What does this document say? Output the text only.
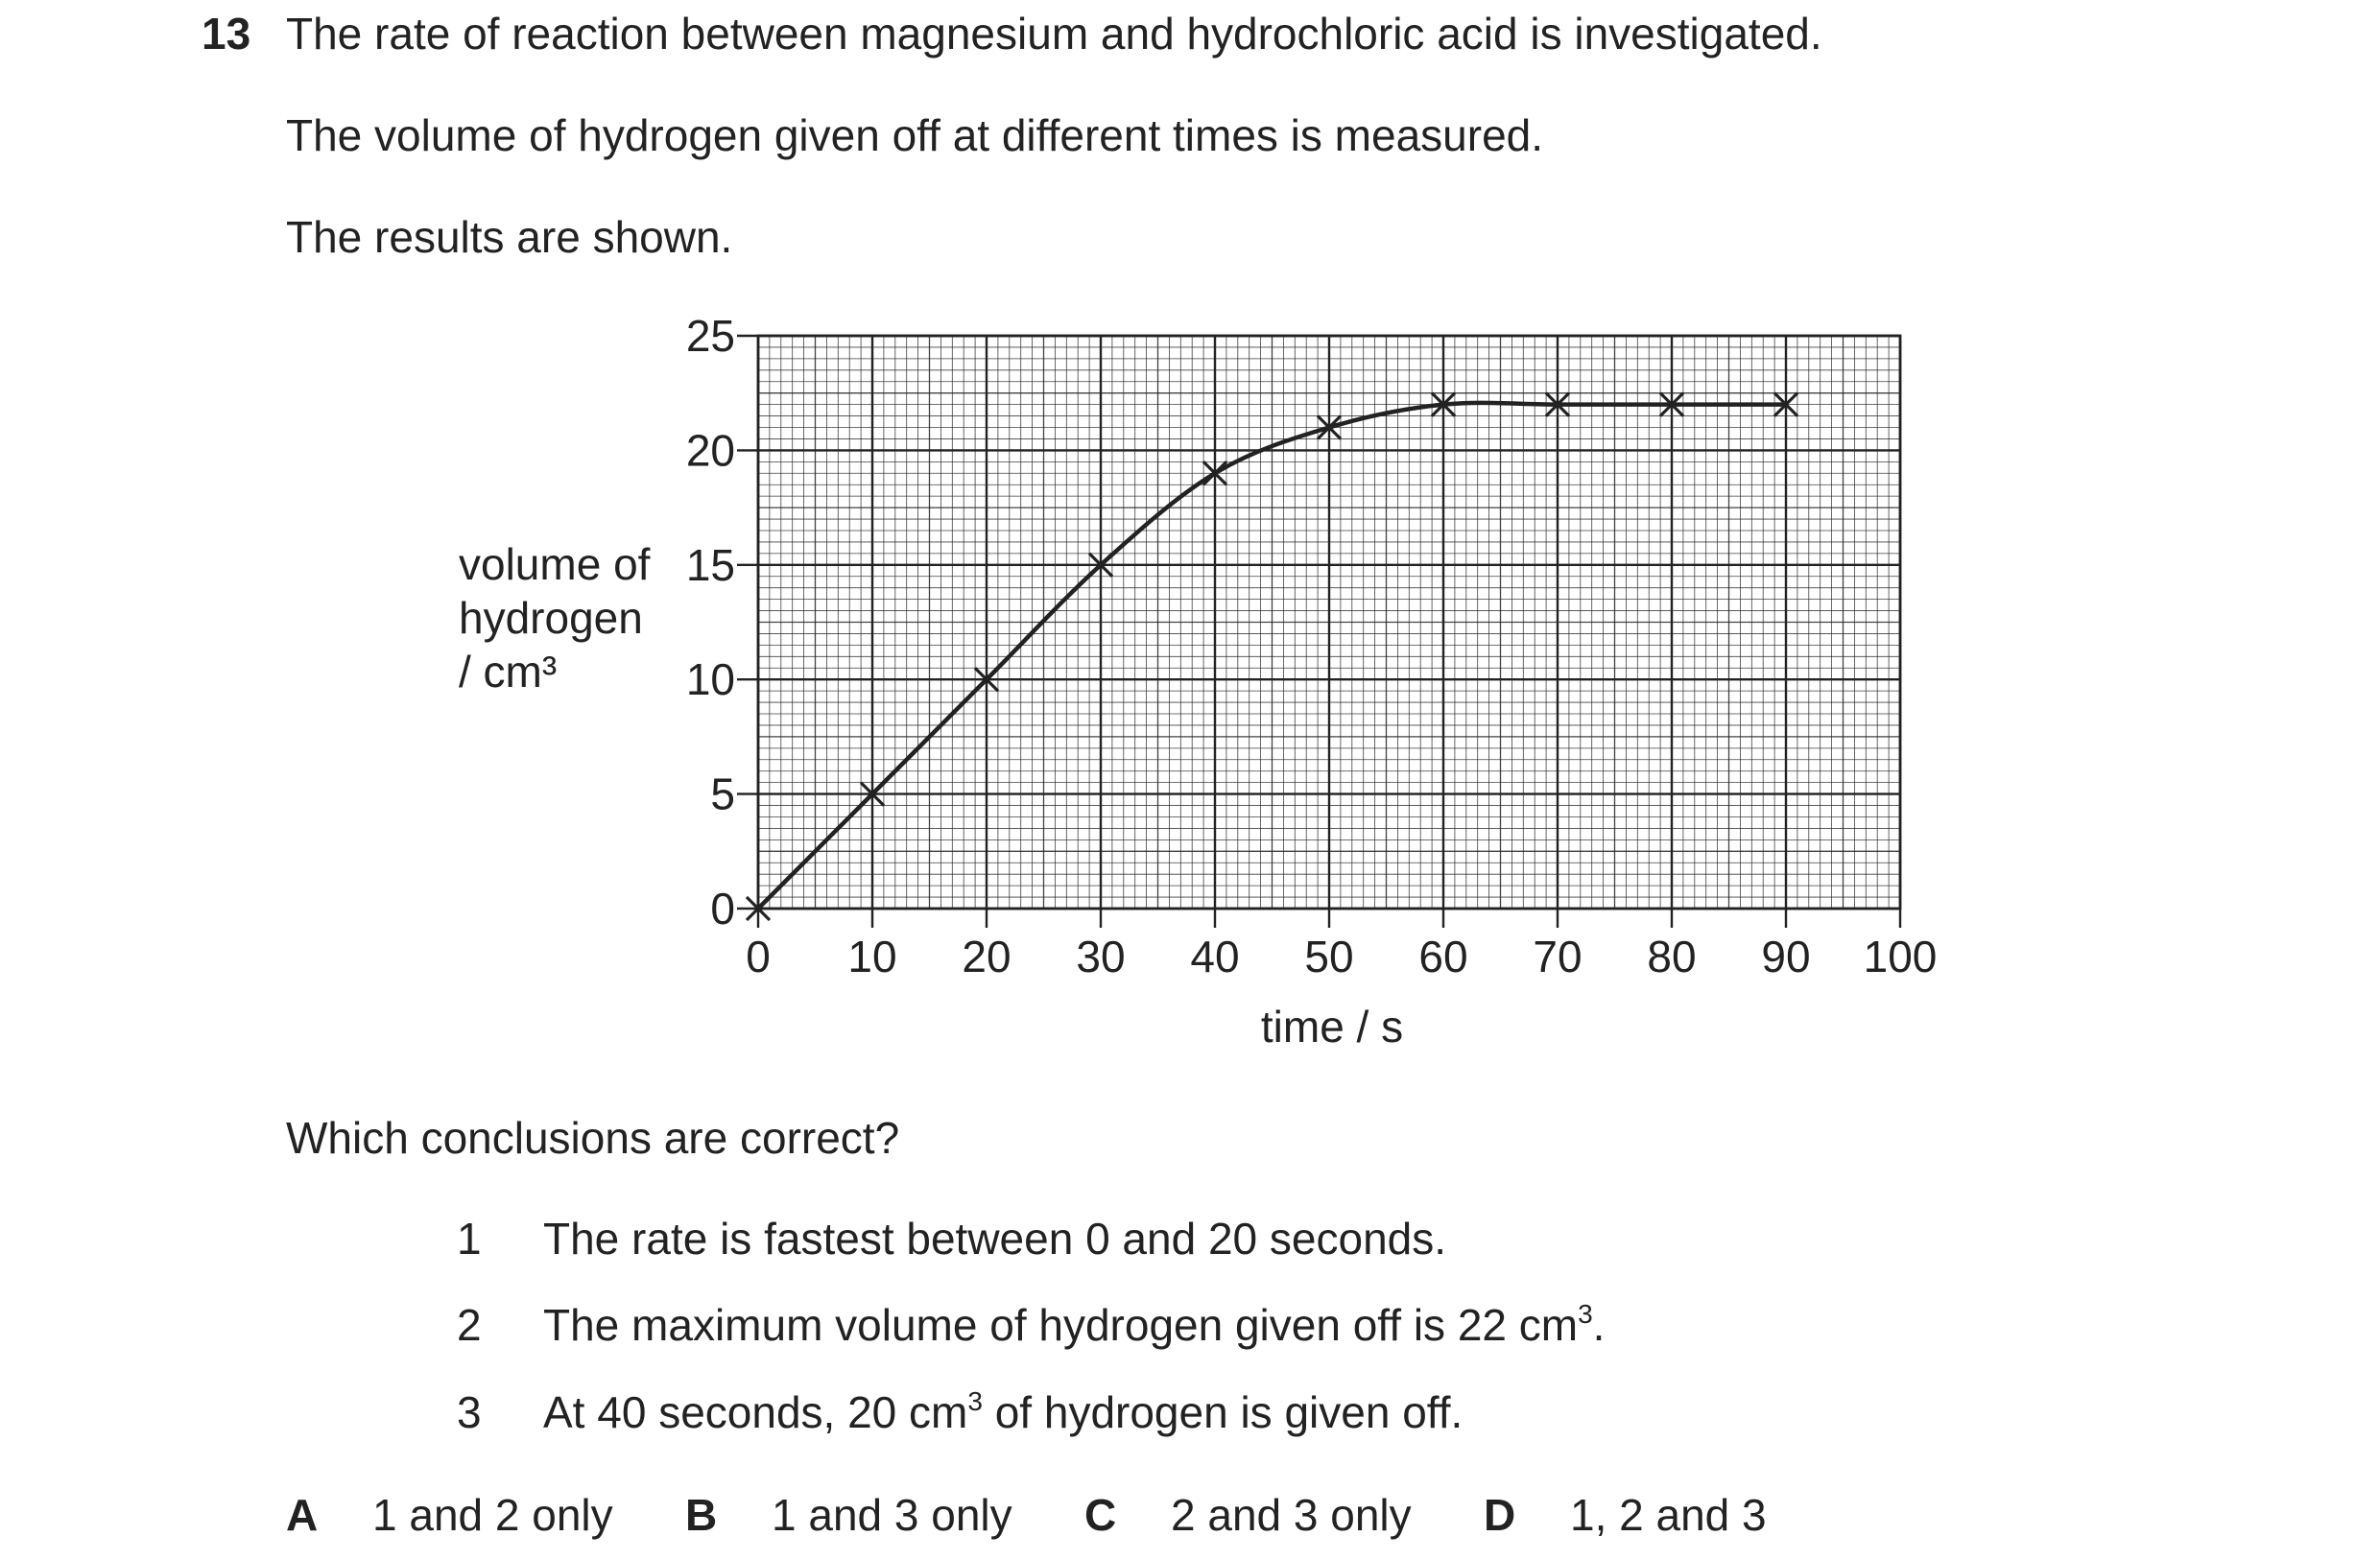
13 The rate of reaction between magnesium and hydrochloric acid is investigated.
The volume of hydrogen given off at different times is measured.
The results are shown.
0 10 20 30 40 50 60 70 80 90 100
0
5
10
15
20
25
volume of
hydrogen
/ cm³
time / s
Which conclusions are correct?
1 The rate is fastest between 0 and 20 seconds.
2 The maximum volume of hydrogen given off is 22 $cm^3$.
3 At 40 seconds, 20 $cm^3$ of hydrogen is given off.
A 1 and 2 only B 1 and 3 only C 2 and 3 only D 1, 2 and 3
